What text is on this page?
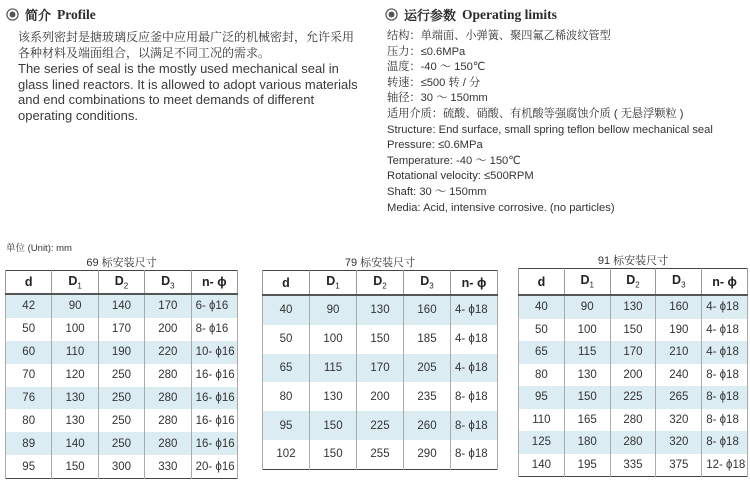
简介 Profile

该系列密封是搪玻璃反应釜中应用最广泛的机械密封，允许采用各种材料及端面组合，以满足不同工况的需求。

The series of seal is the mostly used mechanical seal in glass lined reactors. It is allowed to adopt various materials and end combinations to meet demands of different operating conditions.

运行参数 Operating limits
结构：单端面、小弹簧、聚四氟乙稀波纹管型
压力：≤0.6MPa
温度：-40 ～ 150℃
转速：≤500 转 / 分
轴径：30 ～ 150mm
适用介质：硫酸、硝酸、有机酸等强腐蚀介质 ( 无悬浮颗粒 )
Structure: End surface, small spring teflon bellow mechanical seal
Pressure: ≤0.6MPa
Temperature: -40 ～ 150℃
Rotational velocity: ≤500RPM
Shaft: 30 ～ 150mm
Media: Acid, intensive corrosive. (no particles)
单位 (Unit): mm
69 标安装尺寸
d	$D_1$	$D_2$	$D_3$	n- ϕ
42	90	140	170	6- ϕ16
50	100	170	200	8- ϕ16
60	110	190	220	10- ϕ16
70	120	250	280	16- ϕ16
76	130	250	280	16- ϕ16
80	130	250	280	16- ϕ16
89	140	250	280	16- ϕ16
95	150	300	330	20- ϕ16
79 标安装尺寸
d	$D_1$	$D_2$	$D_3$	n- ϕ
40	90	130	160	4- ϕ18
50	100	150	185	4- ϕ18
65	115	170	205	4- ϕ18
80	130	200	235	8- ϕ18
95	150	225	260	8- ϕ18
102	150	255	290	8- ϕ18
91 标安装尺寸
d	$D_1$	$D_2$	$D_3$	n- ϕ
40	90	130	160	4- ϕ18
50	100	150	190	4- ϕ18
65	115	170	210	4- ϕ18
80	130	200	240	8- ϕ18
95	150	225	265	8- ϕ18
110	165	280	320	8- ϕ18
125	180	280	320	8- ϕ18
140	195	335	375	12- ϕ18
